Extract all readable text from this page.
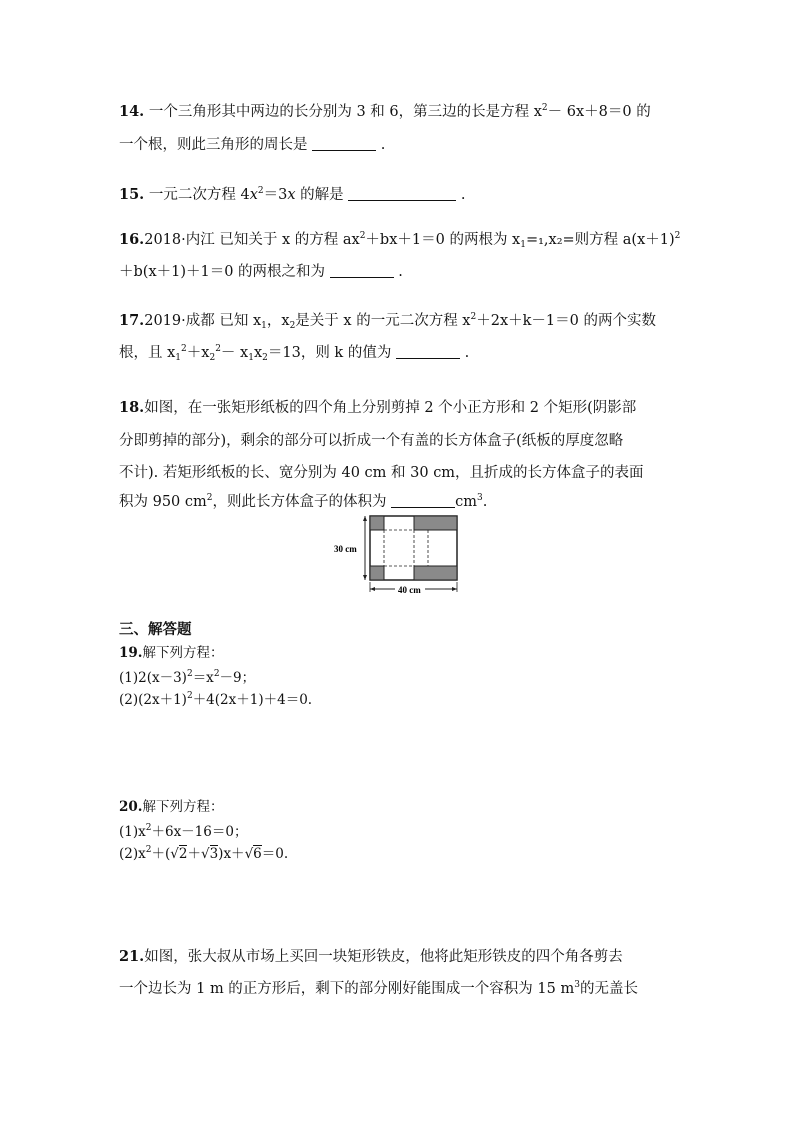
14. 一个三角形其中两边的长分别为 3 和 6，第三边的长是方程 $x^2- 6x+8=0$ 的
一个根，则此三角形的周长是	.
15. 一元二次方程 $4x^2=3x$ 的解是	.
16.2018·内江 已知关于 x 的方程 $ax^2+bx+1=0$ 的两根为 $x_1=_1,x_2=$则方程 $a(x+1)^2$
＋b(x＋1)＋1＝0 的两根之和为	.
17.2019·成都 已知 $x_1$，$x_2$是关于 x 的一元二次方程 $x^2+2x+k-1=0$ 的两个实数
根，且 $x_1^2+x_2^2- x_1x_2=13$，则 k 的值为	.
18.如图，在一张矩形纸板的四个角上分别剪掉 2 个小正方形和 2 个矩形(阴影部
分即剪掉的部分)，剩余的部分可以折成一个有盖的长方体盒子(纸板的厚度忽略
不计). 若矩形纸板的长、宽分别为 40 cm 和 30 cm，且折成的长方体盒子的表面
积为 950 $cm^2$，则此长方体盒子的体积为	$cm^3$.
30 cm
40 cm
三、解答题
19.解下列方程：
$(1)2(x-3)^2=x^2-9$；
$(2)(2x+1)^2+4(2x+1)+4=0$.
20.解下列方程：
$(1)x^2+6x-16=0$；
$(2)x^2+(√2+√3)x+√6=0$.
21.如图，张大叔从市场上买回一块矩形铁皮，他将此矩形铁皮的四个角各剪去
一个边长为 1 m 的正方形后，剩下的部分刚好能围成一个容积为 15 $m^3$的无盖长
